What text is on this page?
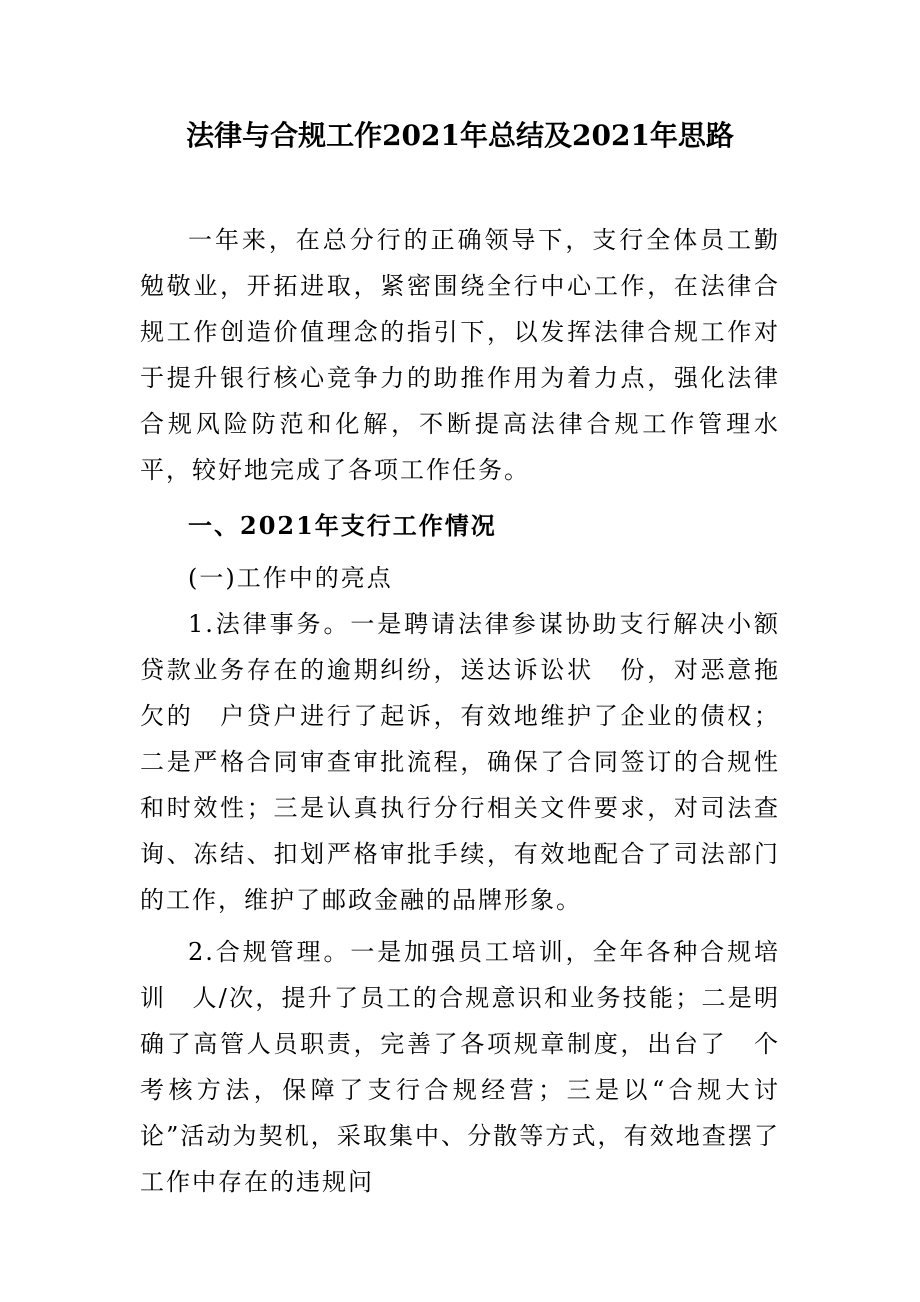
法律与合规工作2021年总结及2021年思路

一年来，在总分行的正确领导下，支行全体员工勤勉敬业，开拓进取，紧密围绕全行中心工作，在法律合规工作创造价值理念的指引下，以发挥法律合规工作对于提升银行核心竞争力的助推作用为着力点，强化法律合规风险防范和化解，不断提高法律合规工作管理水平，较好地完成了各项工作任务。

一、2021年支行工作情况

(一)工作中的亮点

1.法律事务。一是聘请法律参谋协助支行解决小额贷款业务存在的逾期纠纷，送达诉讼状　份，对恶意拖欠的　户贷户进行了起诉，有效地维护了企业的债权；二是严格合同审查审批流程，确保了合同签订的合规性和时效性；三是认真执行分行相关文件要求，对司法查询、冻结、扣划严格审批手续，有效地配合了司法部门的工作，维护了邮政金融的品牌形象。

2.合规管理。一是加强员工培训，全年各种合规培训　人/次，提升了员工的合规意识和业务技能；二是明确了高管人员职责，完善了各项规章制度，出台了　个考核方法，保障了支行合规经营；三是以“合规大讨论”活动为契机，采取集中、分散等方式，有效地查摆了工作中存在的违规问
